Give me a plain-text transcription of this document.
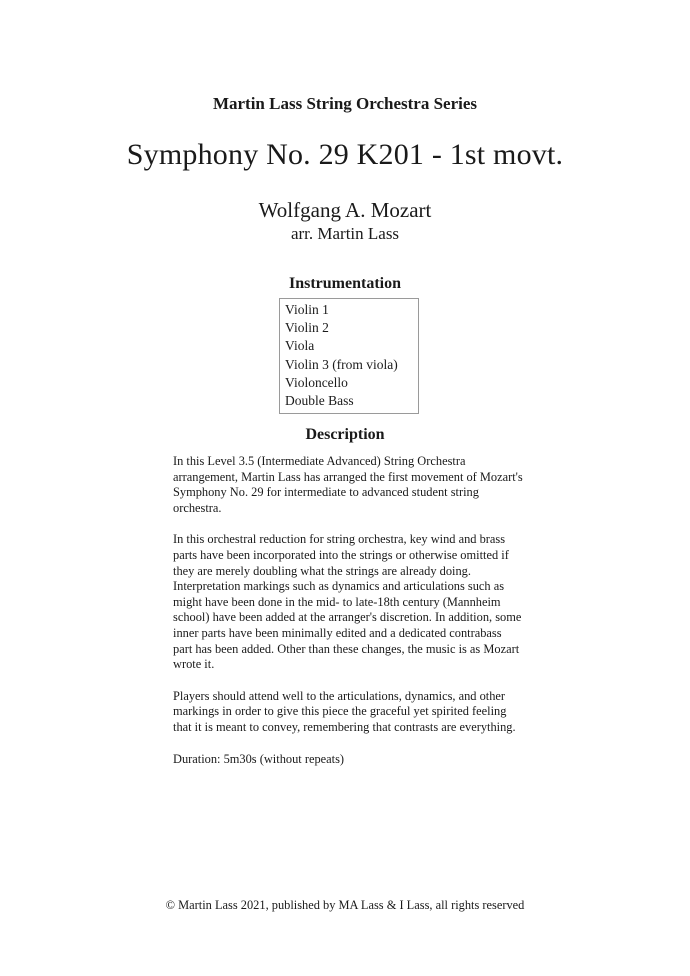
Martin Lass String Orchestra Series
Symphony No. 29 K201 - 1st movt.
Wolfgang A. Mozart
arr. Martin Lass
Instrumentation
Violin 1
Violin 2
Viola
Violin 3 (from viola)
Violoncello
Double Bass
Description

In this Level 3.5 (Intermediate Advanced) String Orchestra arrangement, Martin Lass has arranged the first movement of Mozart's Symphony No. 29 for intermediate to advanced student string orchestra.

In this orchestral reduction for string orchestra, key wind and brass parts have been incorporated into the strings or otherwise omitted if they are merely doubling what the strings are already doing. Interpretation markings such as dynamics and articulations such as might have been done in the mid- to late-18th century (Mannheim school) have been added at the arranger's discretion. In addition, some inner parts have been minimally edited and a dedicated contrabass part has been added. Other than these changes, the music is as Mozart wrote it.

Players should attend well to the articulations, dynamics, and other markings in order to give this piece the graceful yet spirited feeling that it is meant to convey, remembering that contrasts are everything.

Duration: 5m30s (without repeats)

© Martin Lass 2021, published by MA Lass & I Lass, all rights reserved
